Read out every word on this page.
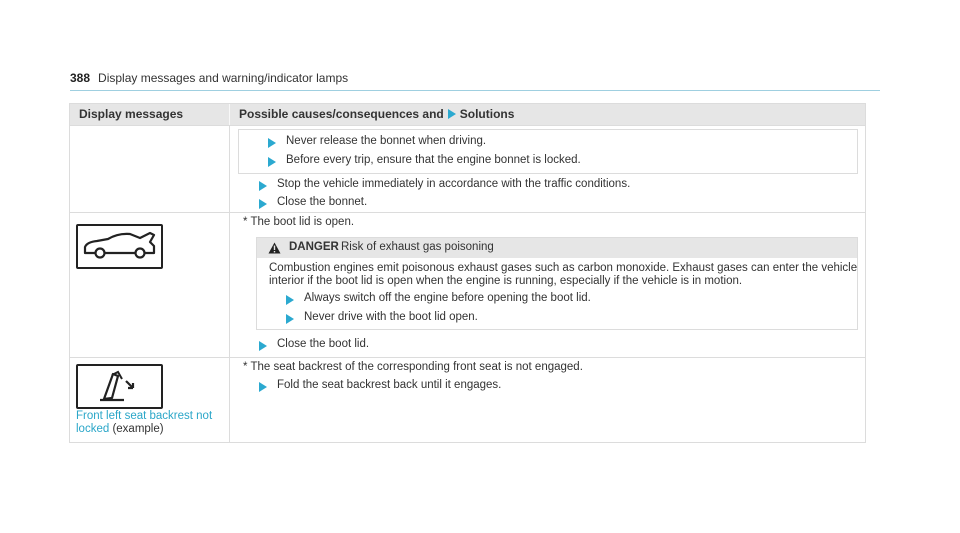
388 Display messages and warning/indicator lamps
Display messages	Possible causes/consequences and Solutions
Never release the bonnet when driving.
Before every trip, ensure that the engine bonnet is locked.
Stop the vehicle immediately in accordance with the traffic conditions.
Close the bonnet.
* The boot lid is open.
DANGER Risk of exhaust gas poisoning
Combustion engines emit poisonous exhaust gases such as carbon monoxide. Exhaust gases can enter the vehicle
interior if the boot lid is open when the engine is running, especially if the vehicle is in motion.
Always switch off the engine before opening the boot lid.
Never drive with the boot lid open.
Close the boot lid.
Front left seat backrest not
locked (example)
* The seat backrest of the corresponding front seat is not engaged.
Fold the seat backrest back until it engages.
